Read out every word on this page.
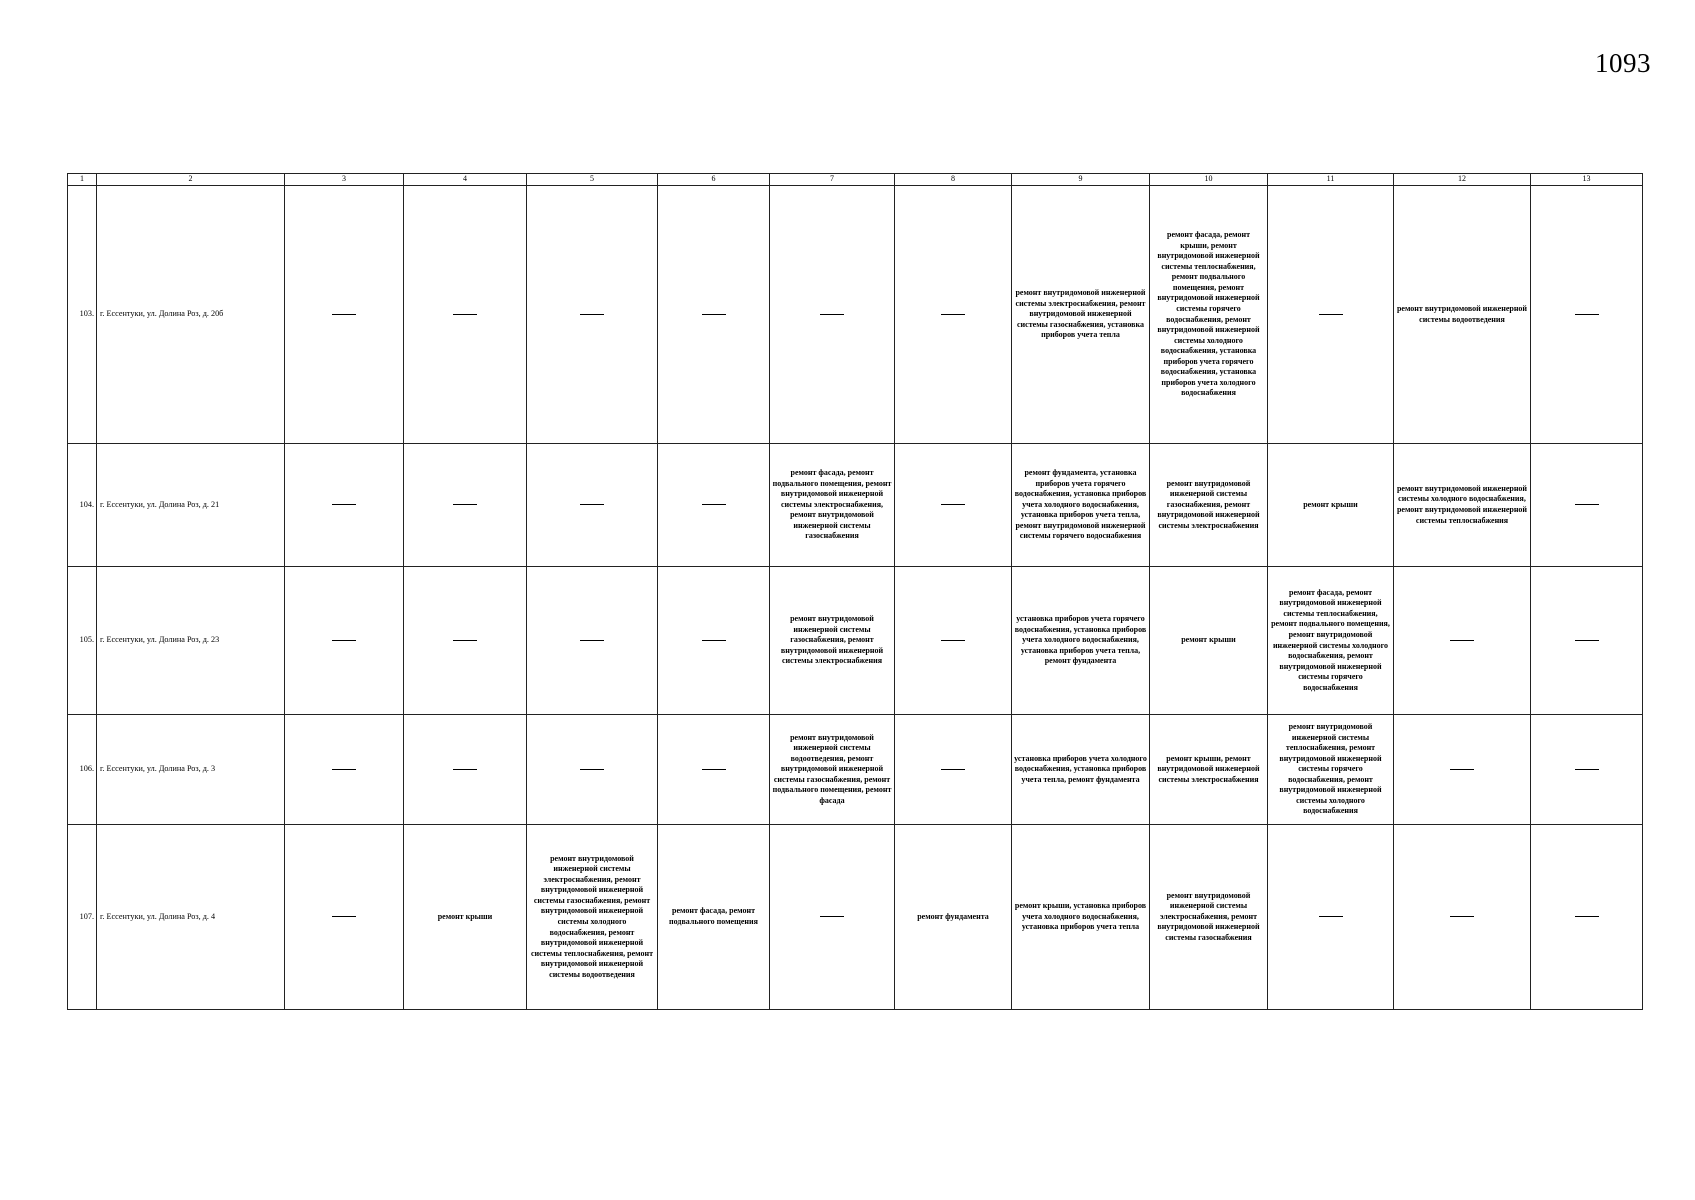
1093
1	2	3	4	5	6	7	8	9	10	11	12	13
103.	г. Ессентуки, ул. Долина Роз, д. 20б							ремонт внутридомовой инженерной системы электроснабжения, ремонт внутридомовой инженерной системы газоснабжения, установка приборов учета тепла	ремонт фасада, ремонт крыши, ремонт внутридомовой инженерной системы теплоснабжения, ремонт подвального помещения, ремонт внутридомовой инженерной системы горячего водоснабжения, ремонт внутридомовой инженерной системы холодного водоснабжения, установка приборов учета горячего водоснабжения, установка приборов учета холодного водоснабжения		ремонт внутридомовой инженерной системы водоотведения	
104.	г. Ессентуки, ул. Долина Роз, д. 21					ремонт фасада, ремонт подвального помещения, ремонт внутридомовой инженерной системы электроснабжения, ремонт внутридомовой инженерной системы газоснабжения		ремонт фундамента, установка приборов учета горячего водоснабжения, установка приборов учета холодного водоснабжения, установка приборов учета тепла, ремонт внутридомовой инженерной системы горячего водоснабжения	ремонт внутридомовой инженерной системы газоснабжения, ремонт внутридомовой инженерной системы электроснабжения	ремонт крыши	ремонт внутридомовой инженерной системы холодного водоснабжения, ремонт внутридомовой инженерной системы теплоснабжения	
105.	г. Ессентуки, ул. Долина Роз, д. 23					ремонт внутридомовой инженерной системы газоснабжения, ремонт внутридомовой инженерной системы электроснабжения		установка приборов учета горячего водоснабжения, установка приборов учета холодного водоснабжения, установка приборов учета тепла, ремонт фундамента	ремонт крыши	ремонт фасада, ремонт внутридомовой инженерной системы теплоснабжения, ремонт подвального помещения, ремонт внутридомовой инженерной системы холодного водоснабжения, ремонт внутридомовой инженерной системы горячего водоснабжения		
106.	г. Ессентуки, ул. Долина Роз, д. 3					ремонт внутридомовой инженерной системы водоотведения, ремонт внутридомовой инженерной системы газоснабжения, ремонт подвального помещения, ремонт фасада		установка приборов учета холодного водоснабжения, установка приборов учета тепла, ремонт фундамента	ремонт крыши, ремонт внутридомовой инженерной системы электроснабжения	ремонт внутридомовой инженерной системы теплоснабжения, ремонт внутридомовой инженерной системы горячего водоснабжения, ремонт внутридомовой инженерной системы холодного водоснабжения		
107.	г. Ессентуки, ул. Долина Роз, д. 4		ремонт крыши	ремонт внутридомовой инженерной системы электроснабжения, ремонт внутридомовой инженерной системы газоснабжения, ремонт внутридомовой инженерной системы холодного водоснабжения, ремонт внутридомовой инженерной системы теплоснабжения, ремонт внутридомовой инженерной системы водоотведения	ремонт фасада, ремонт подвального помещения		ремонт фундамента	ремонт крыши, установка приборов учета холодного водоснабжения, установка приборов учета тепла	ремонт внутридомовой инженерной системы электроснабжения, ремонт внутридомовой инженерной системы газоснабжения			
